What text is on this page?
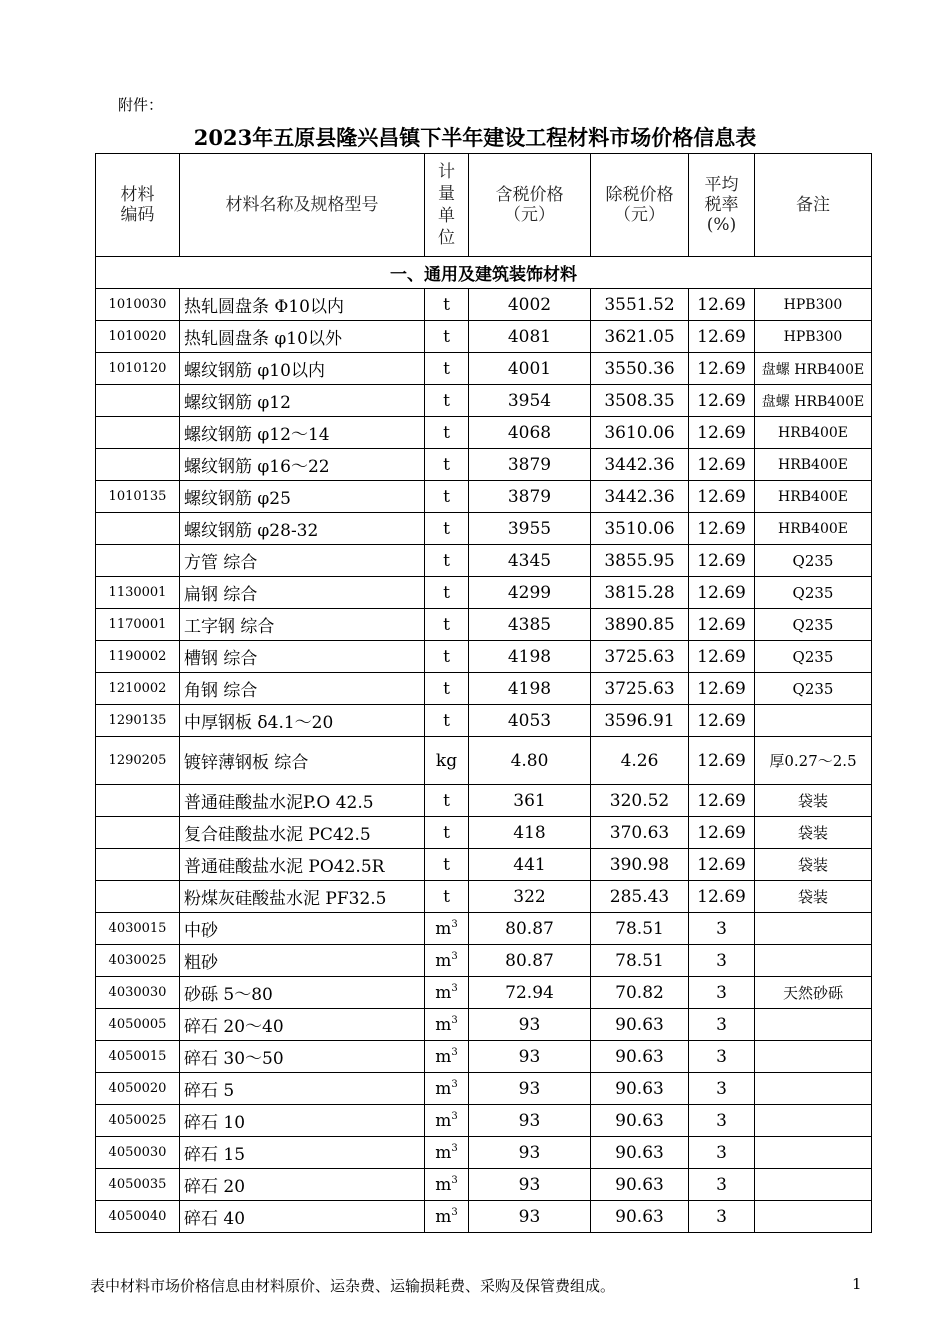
附件：
2023年五原县隆兴昌镇下半年建设工程材料市场价格信息表
材料编码	材料名称及规格型号	计量单位	含税价格（元）	除税价格（元）	平均税率(%)	备注
一、通用及建筑装饰材料						
1010030	热轧圆盘条 Φ10以内	t	4002	3551.52	12.69	HPB300
1010020	热轧圆盘条 φ10以外	t	4081	3621.05	12.69	HPB300
1010120	螺纹钢筋 φ10以内	t	4001	3550.36	12.69	盘螺 HRB400E
	螺纹钢筋 φ12	t	3954	3508.35	12.69	盘螺 HRB400E
	螺纹钢筋 φ12～14	t	4068	3610.06	12.69	HRB400E
	螺纹钢筋 φ16～22	t	3879	3442.36	12.69	HRB400E
1010135	螺纹钢筋 φ25	t	3879	3442.36	12.69	HRB400E
	螺纹钢筋 φ28-32	t	3955	3510.06	12.69	HRB400E
	方管 综合	t	4345	3855.95	12.69	Q235
1130001	扁钢 综合	t	4299	3815.28	12.69	Q235
1170001	工字钢 综合	t	4385	3890.85	12.69	Q235
1190002	槽钢 综合	t	4198	3725.63	12.69	Q235
1210002	角钢 综合	t	4198	3725.63	12.69	Q235
1290135	中厚钢板 δ4.1～20	t	4053	3596.91	12.69	
1290205	镀锌薄钢板 综合	kg	4.80	4.26	12.69	厚0.27～2.5
	普通硅酸盐水泥P.O 42.5	t	361	320.52	12.69	袋装
	复合硅酸盐水泥 PC42.5	t	418	370.63	12.69	袋装
	普通硅酸盐水泥 PO42.5R	t	441	390.98	12.69	袋装
	粉煤灰硅酸盐水泥 PF32.5	t	322	285.43	12.69	袋装
4030015	中砂	$m^3$	80.87	78.51	3	
4030025	粗砂	$m^3$	80.87	78.51	3	
4030030	砂砾 5～80	$m^3$	72.94	70.82	3	天然砂砾
4050005	碎石 20～40	$m^3$	93	90.63	3	
4050015	碎石 30～50	$m^3$	93	90.63	3	
4050020	碎石 5	$m^3$	93	90.63	3	
4050025	碎石 10	$m^3$	93	90.63	3	
4050030	碎石 15	$m^3$	93	90.63	3	
4050035	碎石 20	$m^3$	93	90.63	3	
4050040	碎石 40	$m^3$	93	90.63	3	
表中材料市场价格信息由材料原价、运杂费、运输损耗费、采购及保管费组成。	1
